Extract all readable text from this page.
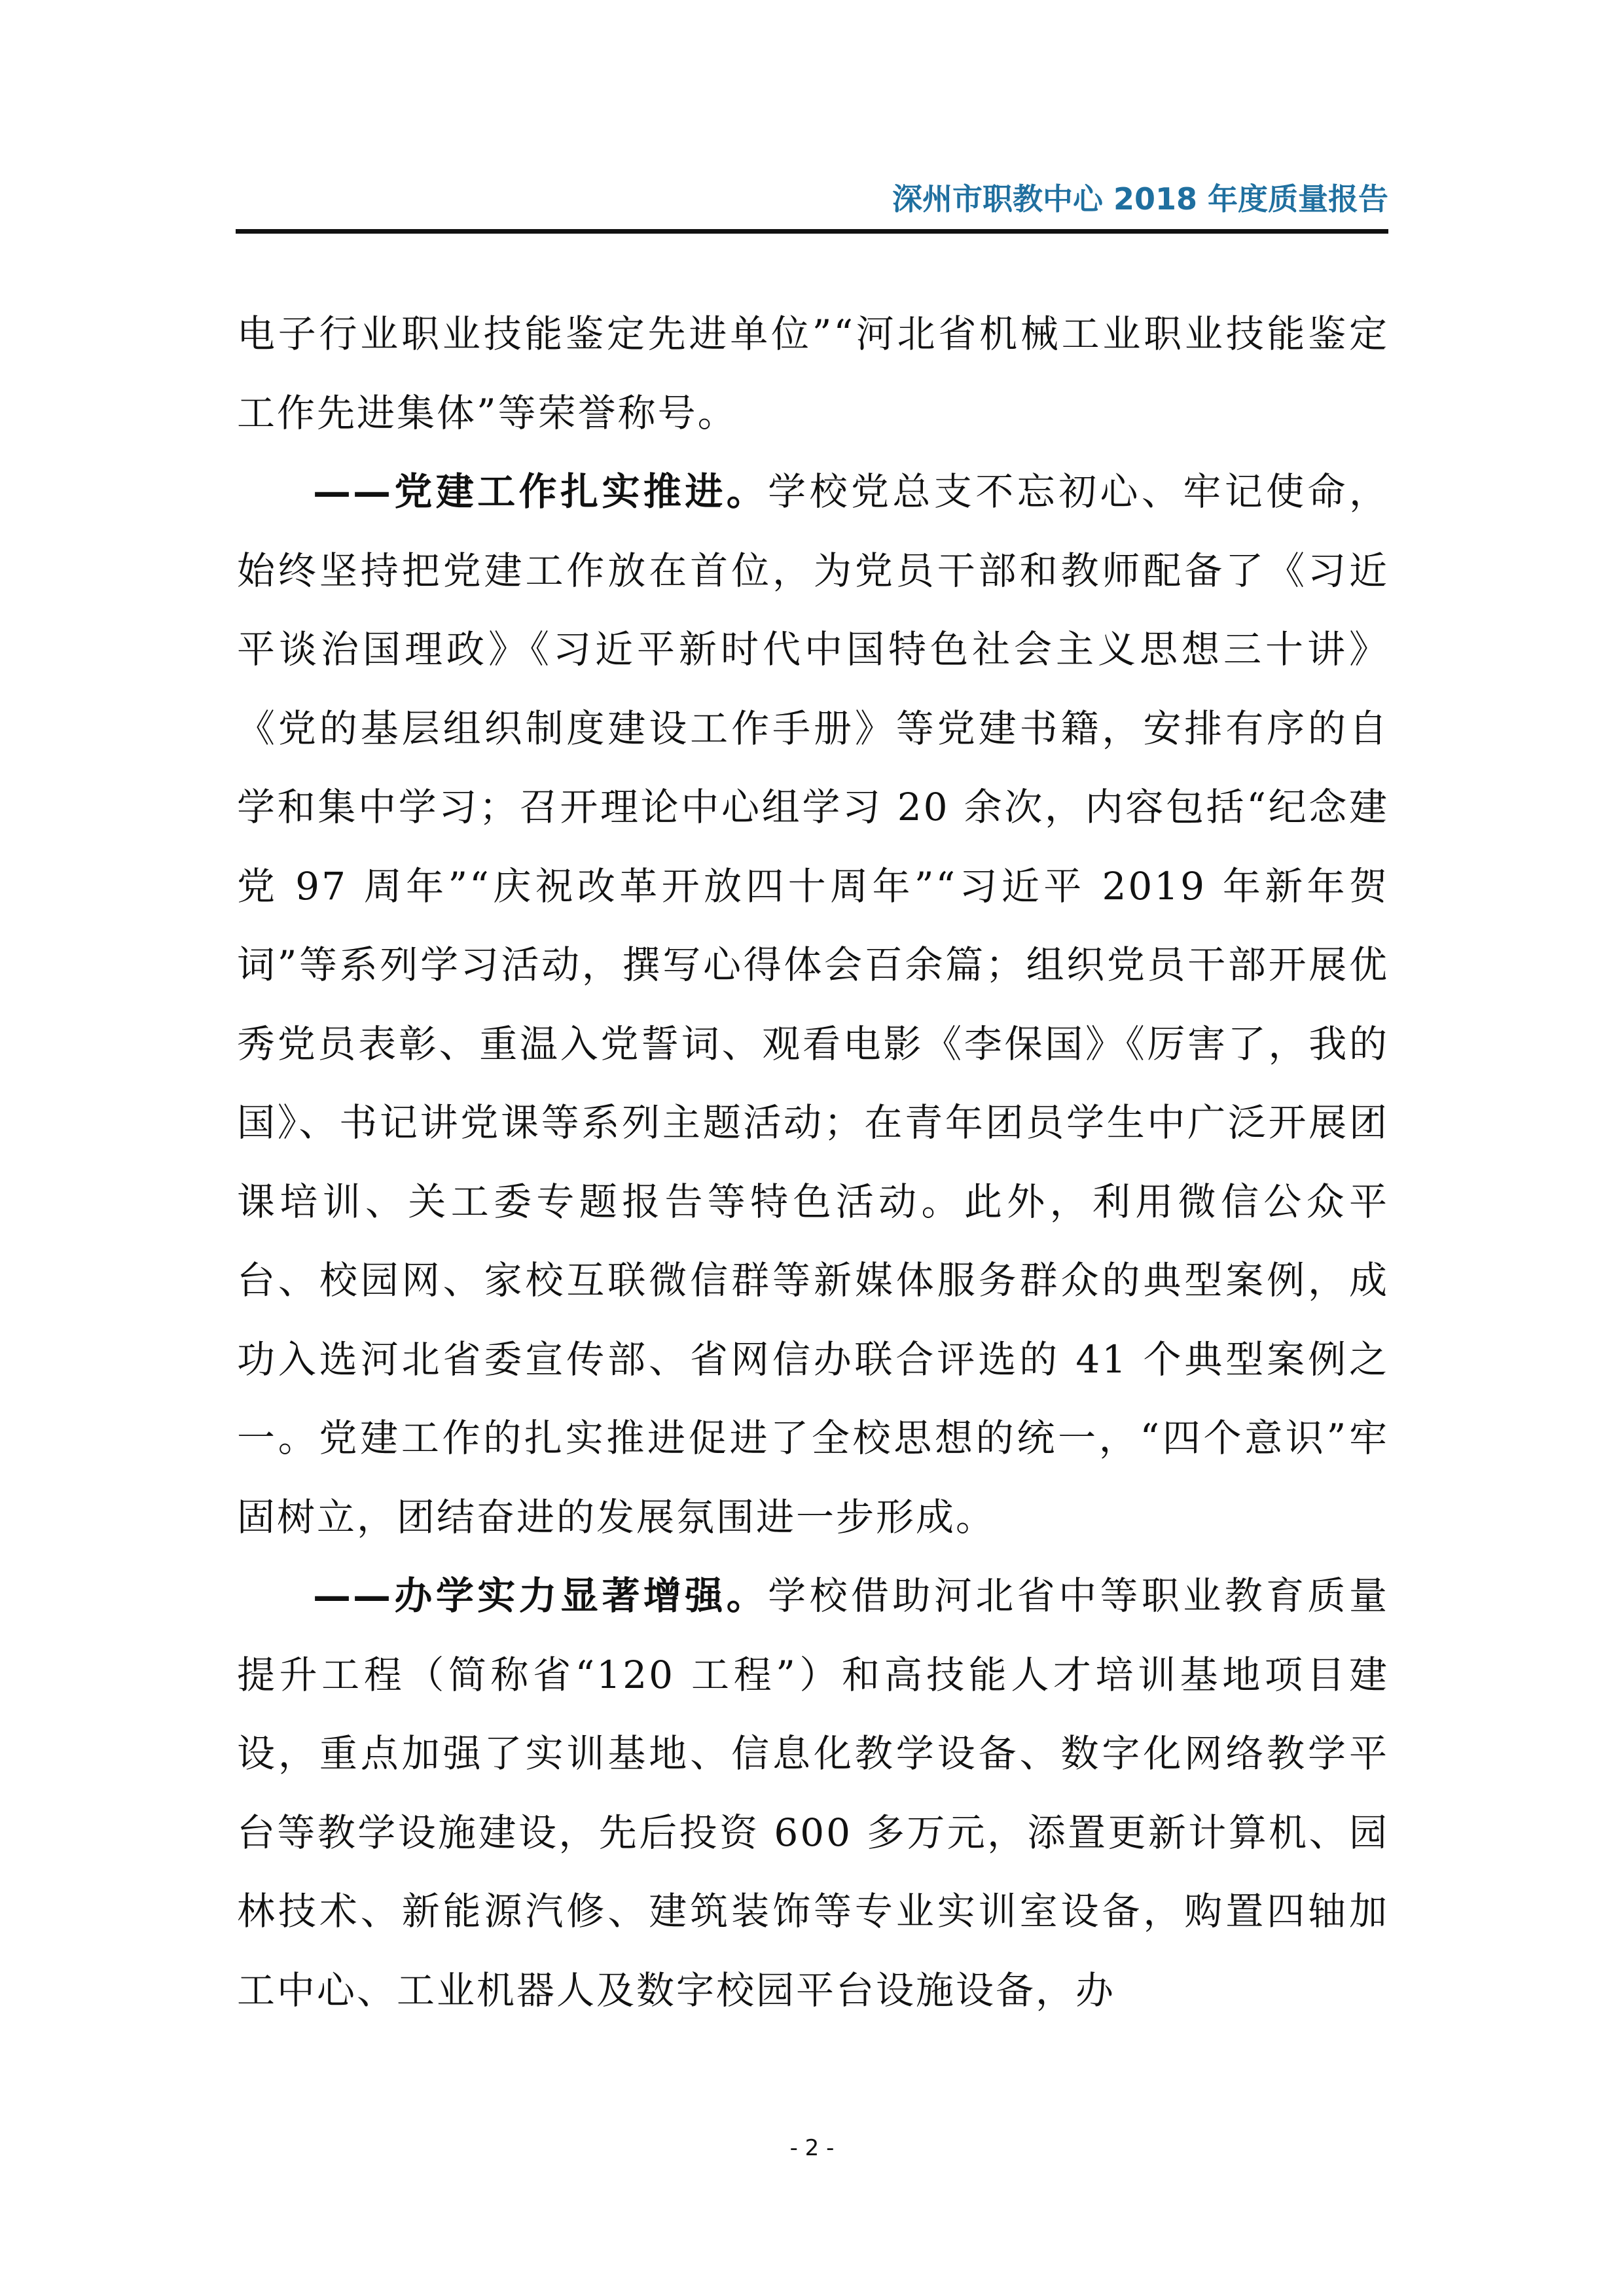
深州市职教中心 2018 年度质量报告

电子行业职业技能鉴定先进单位”“河北省机械工业职业技能鉴定工作先进集体”等荣誉称号。

——党建工作扎实推进。学校党总支不忘初心、牢记使命，始终坚持把党建工作放在首位，为党员干部和教师配备了《习近平谈治国理政》《习近平新时代中国特色社会主义思想三十讲》《党的基层组织制度建设工作手册》等党建书籍，安排有序的自学和集中学习；召开理论中心组学习 20 余次，内容包括“纪念建党 97 周年”“庆祝改革开放四十周年”“习近平 2019 年新年贺词”等系列学习活动，撰写心得体会百余篇；组织党员干部开展优秀党员表彰、重温入党誓词、观看电影《李保国》《厉害了，我的国》、书记讲党课等系列主题活动；在青年团员学生中广泛开展团课培训、关工委专题报告等特色活动。此外，利用微信公众平台、校园网、家校互联微信群等新媒体服务群众的典型案例，成功入选河北省委宣传部、省网信办联合评选的 41 个典型案例之一。党建工作的扎实推进促进了全校思想的统一，“四个意识”牢固树立，团结奋进的发展氛围进一步形成。

——办学实力显著增强。学校借助河北省中等职业教育质量提升工程（简称省“120 工程”）和高技能人才培训基地项目建设，重点加强了实训基地、信息化教学设备、数字化网络教学平台等教学设施建设，先后投资 600 多万元，添置更新计算机、园林技术、新能源汽修、建筑装饰等专业实训室设备，购置四轴加工中心、工业机器人及数字校园平台设施设备，办

- 2 -
